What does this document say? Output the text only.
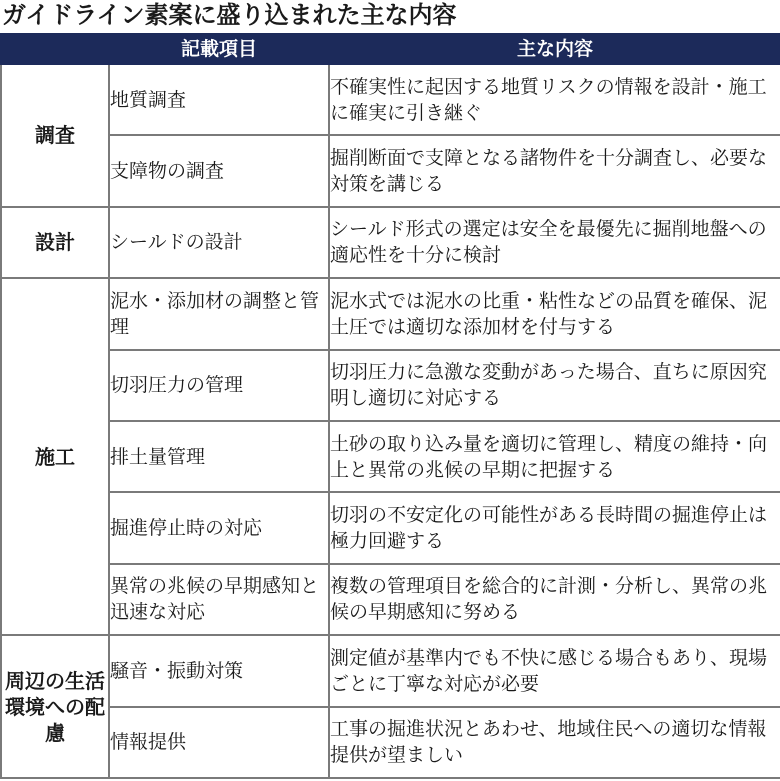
ガイドライン素案に盛り込まれた主な内容
	記載項目	主な内容
調査	地質調査	不確実性に起因する地質リスクの情報を設計・施工に確実に引き継ぐ
	支障物の調査	掘削断面で支障となる諸物件を十分調査し、必要な対策を講じる
設計	シールドの設計	シールド形式の選定は安全を最優先に掘削地盤への適応性を十分に検討
施工	泥水・添加材の調整と管理	泥水式では泥水の比重・粘性などの品質を確保、泥土圧では適切な添加材を付与する
	切羽圧力の管理	切羽圧力に急激な変動があった場合、直ちに原因究明し適切に対応する
	排土量管理	土砂の取り込み量を適切に管理し、精度の維持・向上と異常の兆候の早期に把握する
	掘進停止時の対応	切羽の不安定化の可能性がある長時間の掘進停止は極力回避する
	異常の兆候の早期感知と迅速な対応	複数の管理項目を総合的に計測・分析し、異常の兆候の早期感知に努める
周辺の生活環境への配慮	騒音・振動対策	測定値が基準内でも不快に感じる場合もあり、現場ごとに丁寧な対応が必要
	情報提供	工事の掘進状況とあわせ、地域住民への適切な情報提供が望ましい
